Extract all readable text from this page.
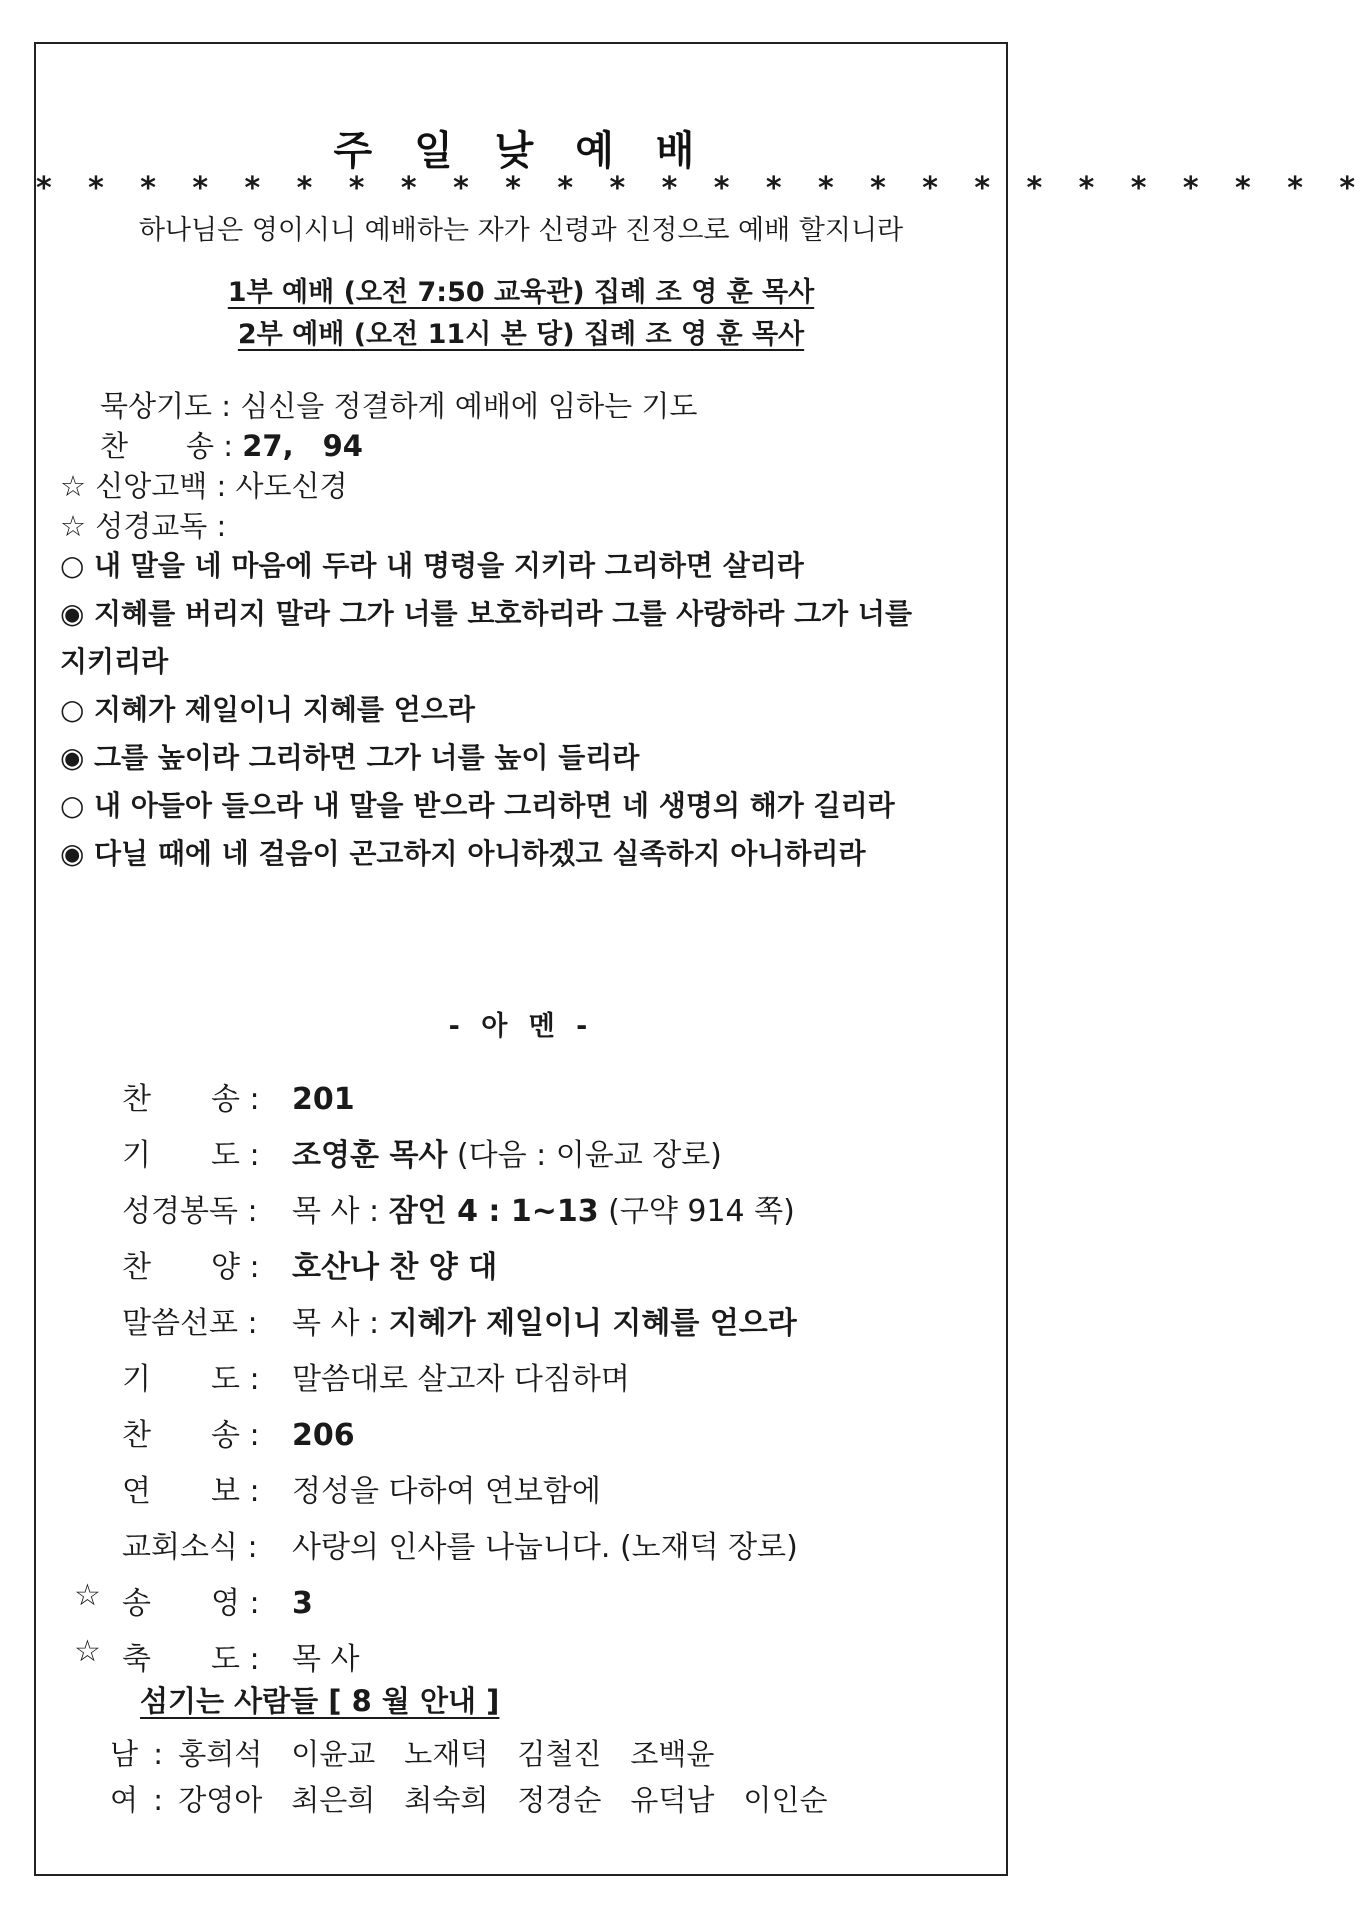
주 일 낮 예 배
* * * * * * * * * * * * * * * * * * * * * * * * * *
하나님은 영이시니 예배하는 자가 신령과 진정으로 예배 할지니라
1부 예배 (오전 7:50 교육관) 집례 조 영 훈 목사
2부 예배 (오전 11시 본 당) 집례 조 영 훈 목사
묵상기도 : 심신을 정결하게 예배에 임하는 기도
찬　　송 : 27,　94
☆ 신앙고백 : 사도신경
☆ 성경교독 :
○ 내 말을 네 마음에 두라 내 명령을 지키라 그리하면 살리라
◉ 지혜를 버리지 말라 그가 너를 보호하리라 그를 사랑하라 그가 너를
지키리라
○ 지혜가 제일이니 지혜를 얻으라
◉ 그를 높이라 그리하면 그가 너를 높이 들리라
○ 내 아들아 들으라 내 말을 받으라 그리하면 네 생명의 해가 길리라
◉ 다닐 때에 네 걸음이 곤고하지 아니하겠고 실족하지 아니하리라
- 아 멘 -
찬　　송 : 201
기　　도 : 조영훈 목사 (다음 : 이윤교 장로)
성경봉독 : 목 사 : 잠언 4 : 1~13 (구약 914 쪽)
찬　　양 : 호산나 찬 양 대
말씀선포 : 목 사 : 지혜가 제일이니 지혜를 얻으라
기　　도 : 말씀대로 살고자 다짐하며
찬　　송 : 206
연　　보 : 정성을 다하여 연보함에
교회소식 : 사랑의 인사를 나눕니다. (노재덕 장로)
☆ 송　　영 : 3
☆ 축　　도 : 목 사
섬기는 사람들 [ 8 월 안내 ]
남 : 홍희석　이윤교　노재덕　김철진　조백윤
여 : 강영아　최은희　최숙희　정경순　유덕남　이인순
